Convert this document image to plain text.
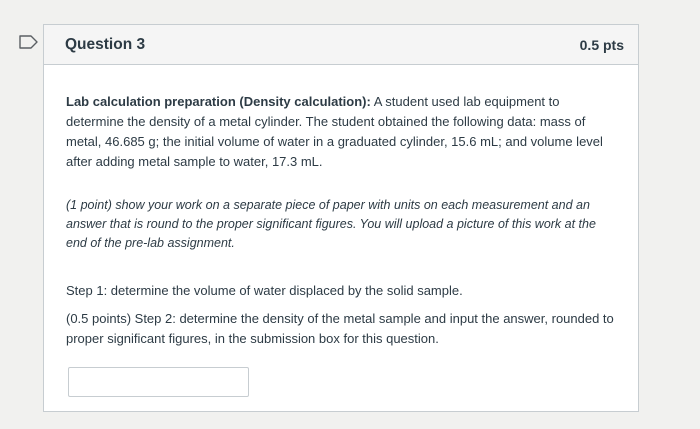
Question 3	0.5 pts

Lab calculation preparation (Density calculation): A student used lab equipment to determine the density of a metal cylinder. The student obtained the following data: mass of metal, 46.685 g; the initial volume of water in a graduated cylinder, 15.6 mL; and volume level after adding metal sample to water, 17.3 mL.

(1 point) show your work on a separate piece of paper with units on each measurement and an answer that is round to the proper significant figures. You will upload a picture of this work at the end of the pre-lab assignment.

Step 1: determine the volume of water displaced by the solid sample.

(0.5 points) Step 2: determine the density of the metal sample and input the answer, rounded to proper significant figures, in the submission box for this question.
